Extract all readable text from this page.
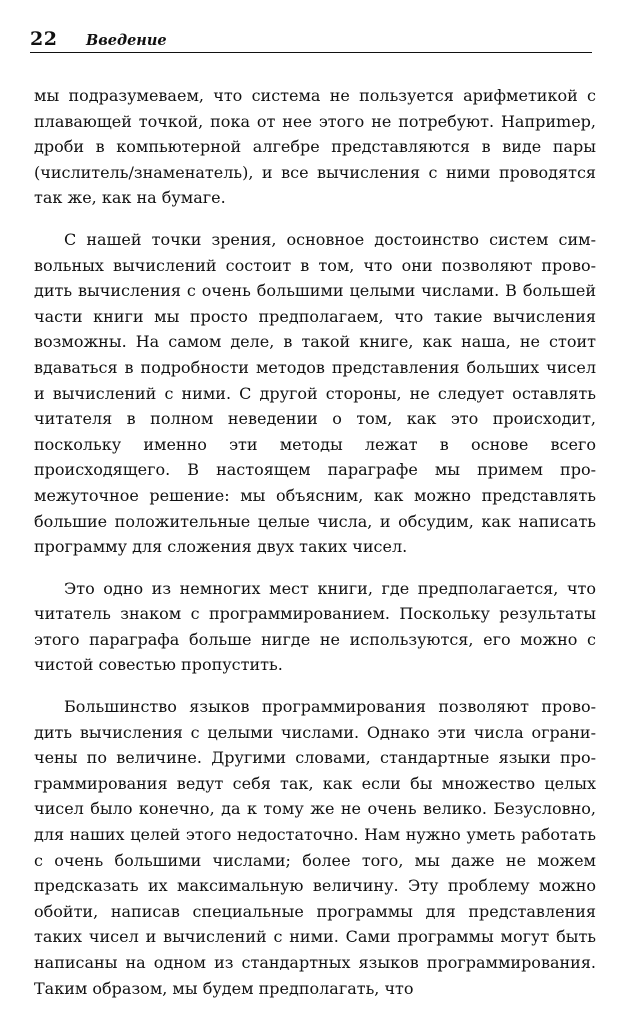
22 Введение

мы подразумеваем, что система не пользуется арифметикой с плавающей точкой, пока от нее этого не потребуют. Наприmер, дроби в компьютерной алгебре представляются в виде пары (числитель/знаменатель), и все вычисления с ними проводятся так же, как на бумаге.

С нашей точки зрения, основное достоинство систем символьных вычислений состоит в том, что они позволяют проводить вычисления с очень большими целыми числами. В большей части книги мы просто предполагаем, что такие вычисления возможны. На самом деле, в такой книге, как наша, не стоит вдаваться в подробности методов представления больших чисел и вычислений с ними. С другой стороны, не следует оставлять читателя в полном неведении о том, как это происходит, поскольку именно эти методы лежат в основе всего происходящего. В настоящем параграфе мы примем промежуточное решение: мы объясним, как можно представлять большие положительные целые числа, и обсудим, как написать программу для сложения двух таких чисел.

Это одно из немногих мест книги, где предполагается, что читатель знаком с программированием. Поскольку результаты этого параграфа больше нигде не используются, его можно с чистой совестью пропустить.

Большинство языков программирования позволяют проводить вычисления с целыми числами. Однако эти числа ограничены по величине. Другими словами, стандартные языки программирования ведут себя так, как если бы множество целых чисел было конечно, да к тому же не очень велико. Безусловно, для наших целей этого недостаточно. Нам нужно уметь работать с очень большими числами; более того, мы даже не можем предсказать их максимальную величину. Эту проблему можно обойти, написав специальные программы для представления таких чисел и вычислений с ними. Сами программы могут быть написаны на одном из стандартных языков программирования. Таким образом, мы будем предполагать, что
